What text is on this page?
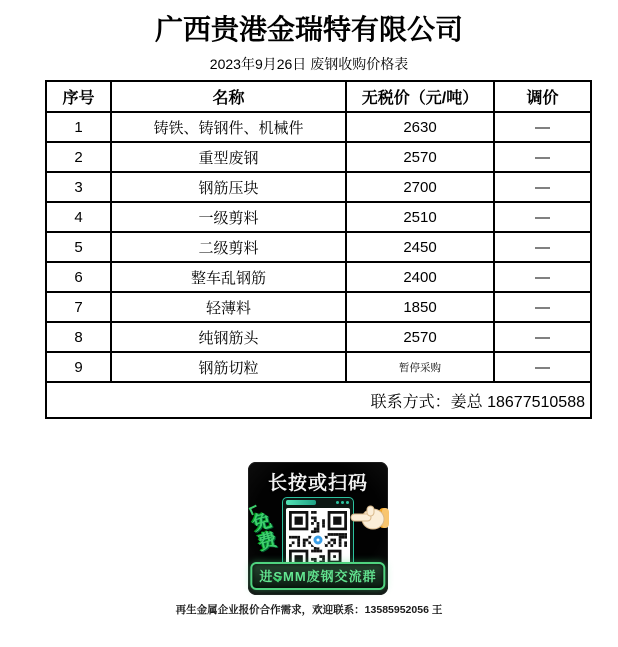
广西贵港金瑞特有限公司
2023年9月26日 废钢收购价格表
序号	名称	无税价（元/吨）	调价
1	铸铁、铸钢件、机械件	2630	—
2	重型废钢	2570	—
3	钢筋压块	2700	—
4	一级剪料	2510	—
5	二级剪料	2450	—
6	整车乱钢筋	2400	—
7	轻薄料	1850	—
8	纯钢筋头	2570	—
9	钢筋切粒	暂停采购	—
联系方式：姜总 18677510588			
长按或扫码
免费
进SMM废钢交流群
再生金属企业报价合作需求，欢迎联系：13585952056 王
